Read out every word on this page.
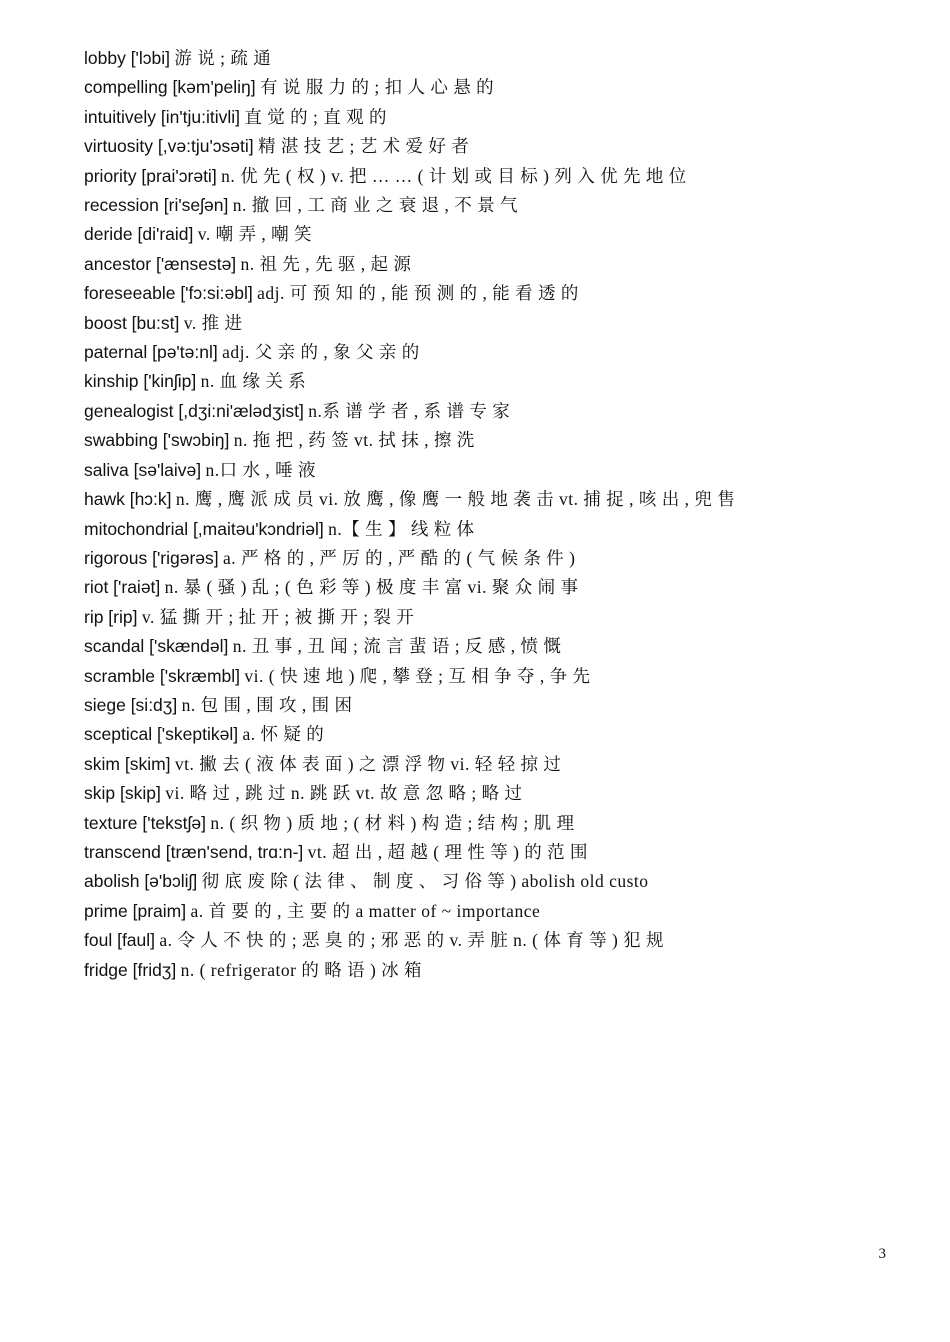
lobby ['lɔbi] 游 说 ; 疏 通

compelling [kəm'peliŋ] 有 说 服 力 的 ; 扣 人 心 悬 的

intuitively [in'tju:itivli] 直 觉 的 ; 直 观 的

virtuosity [,və:tju'ɔsəti] 精 湛 技 艺 ; 艺 术 爱 好 者

priority [prai'ɔrəti] n. 优 先 ( 权 ) v. 把 … … ( 计 划 或 目 标 ) 列 入 优 先 地 位

recession [ri'seʃən] n. 撤 回 , 工 商 业 之 衰 退 , 不 景 气

deride [di'raid] v. 嘲 弄 , 嘲 笑

ancestor ['ænsestə] n. 祖 先 , 先 驱 , 起 源

foreseeable ['fɔ:si:əbl] adj. 可 预 知 的 , 能 预 测 的 , 能 看 透 的

boost [bu:st] v. 推 进

paternal [pə'tə:nl] adj. 父 亲 的 , 象 父 亲 的

kinship ['kinʃip] n. 血 缘 关 系

genealogist [,dʒi:ni'ælədʒist] n.系 谱 学 者 , 系 谱 专 家

swabbing ['swɔbiŋ] n. 拖 把 , 药 签 vt. 拭 抹 , 擦 洗

saliva [sə'laivə] n.口 水 , 唾 液

hawk [hɔ:k] n. 鹰 , 鹰 派 成 员 vi. 放 鹰 , 像 鹰 一 般 地 袭 击 vt. 捕 捉 , 咳 出 , 兜 售

mitochondrial [,maitəu'kɔndriəl] n.【 生 】 线 粒 体

rigorous ['riɡərəs] a. 严 格 的 , 严 厉 的 , 严 酷 的 ( 气 候 条 件 )

riot ['raiət] n. 暴 ( 骚 ) 乱 ; ( 色 彩 等 ) 极 度 丰 富 vi. 聚 众 闹 事

rip [rip] v. 猛 撕 开 ; 扯 开 ; 被 撕 开 ; 裂 开

scandal ['skændəl] n. 丑 事 , 丑 闻 ; 流 言 蜚 语 ; 反 感 , 愤 慨

scramble ['skræmbl] vi. ( 快 速 地 ) 爬 , 攀 登 ; 互 相 争 夺 , 争 先

siege [si:dʒ] n. 包 围 , 围 攻 , 围 困

sceptical ['skeptikəl] a. 怀 疑 的

skim [skim] vt. 撇 去 ( 液 体 表 面 ) 之 漂 浮 物 vi. 轻 轻 掠 过

skip [skip] vi. 略 过 , 跳 过 n. 跳 跃 vt. 故 意 忽 略 ; 略 过

texture ['tekstʃə] n. ( 织 物 ) 质 地 ; ( 材 料 ) 构 造 ; 结 构 ; 肌 理

transcend [træn'send, trɑ:n-] vt. 超 出 , 超 越 ( 理 性 等 ) 的 范 围

abolish [ə'bɔliʃ] 彻 底 废 除 ( 法 律 、 制 度 、 习 俗 等 ) abolish old custo

prime [praim] a. 首 要 的 , 主 要 的 a matter of ~ importance

foul [faul] a. 令 人 不 快 的 ; 恶 臭 的 ; 邪 恶 的 v. 弄 脏 n. ( 体 育 等 ) 犯 规

fridge [fridʒ] n. ( refrigerator 的 略 语 ) 冰 箱

3
